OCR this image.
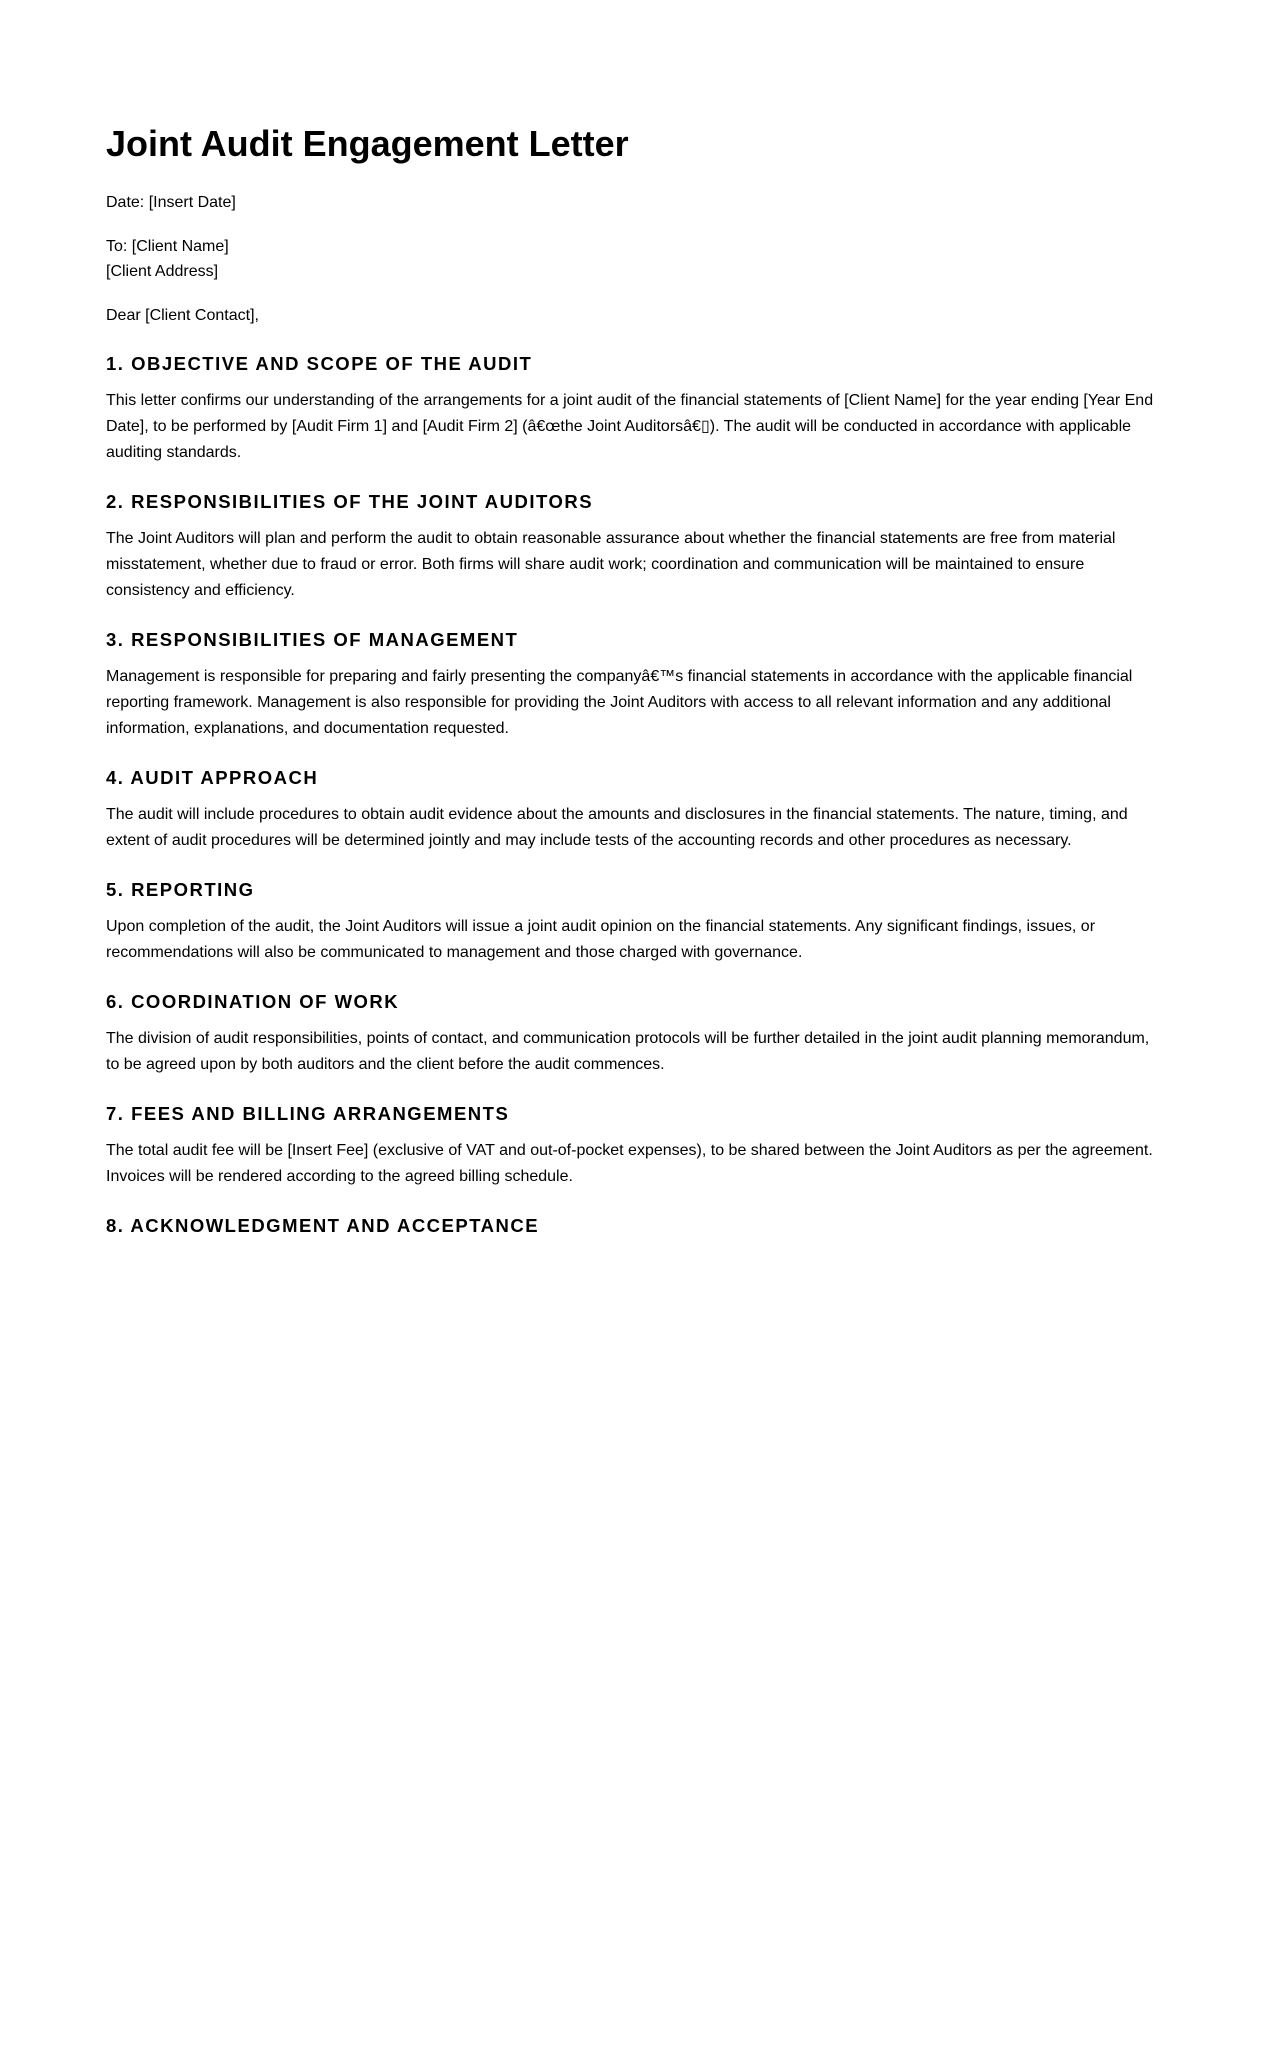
Joint Audit Engagement Letter

Date: [Insert Date]

To: [Client Name]

[Client Address]

Dear [Client Contact],

1. OBJECTIVE AND SCOPE OF THE AUDIT

This letter confirms our understanding of the arrangements for a joint audit of the financial statements of [Client Name] for the year ending [Year End Date], to be performed by [Audit Firm 1] and [Audit Firm 2] (â€œthe Joint Auditorsâ€▯). The audit will be conducted in accordance with applicable auditing standards.

2. RESPONSIBILITIES OF THE JOINT AUDITORS

The Joint Auditors will plan and perform the audit to obtain reasonable assurance about whether the financial statements are free from material misstatement, whether due to fraud or error. Both firms will share audit work; coordination and communication will be maintained to ensure consistency and efficiency.

3. RESPONSIBILITIES OF MANAGEMENT

Management is responsible for preparing and fairly presenting the companyâ€™s financial statements in accordance with the applicable financial reporting framework. Management is also responsible for providing the Joint Auditors with access to all relevant information and any additional information, explanations, and documentation requested.

4. AUDIT APPROACH

The audit will include procedures to obtain audit evidence about the amounts and disclosures in the financial statements. The nature, timing, and extent of audit procedures will be determined jointly and may include tests of the accounting records and other procedures as necessary.

5. REPORTING

Upon completion of the audit, the Joint Auditors will issue a joint audit opinion on the financial statements. Any significant findings, issues, or recommendations will also be communicated to management and those charged with governance.

6. COORDINATION OF WORK

The division of audit responsibilities, points of contact, and communication protocols will be further detailed in the joint audit planning memorandum, to be agreed upon by both auditors and the client before the audit commences.

7. FEES AND BILLING ARRANGEMENTS

The total audit fee will be [Insert Fee] (exclusive of VAT and out-of-pocket expenses), to be shared between the Joint Auditors as per the agreement. Invoices will be rendered according to the agreed billing schedule.

8. ACKNOWLEDGMENT AND ACCEPTANCE
